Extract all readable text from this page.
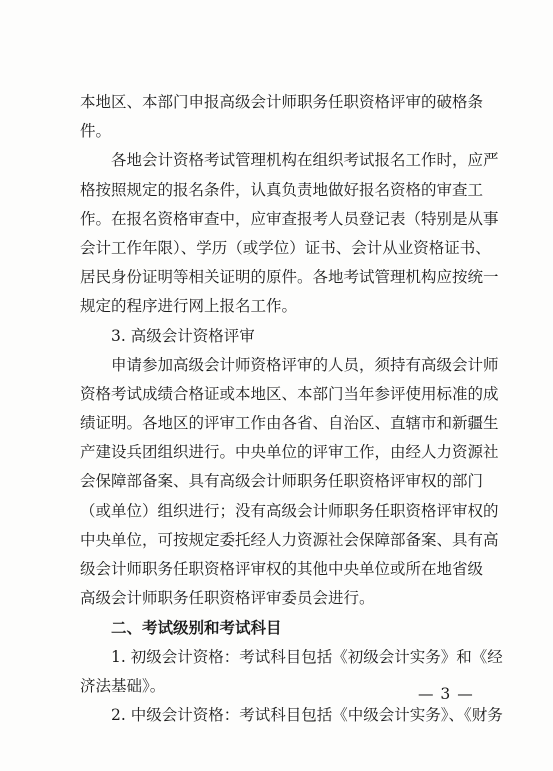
本地区、本部门申报高级会计师职务任职资格评审的破格条
件。
各地会计资格考试管理机构在组织考试报名工作时，应严
格按照规定的报名条件，认真负责地做好报名资格的审查工
作。在报名资格审查中，应审查报考人员登记表（特别是从事
会计工作年限）、学历（或学位）证书、会计从业资格证书、
居民身份证明等相关证明的原件。各地考试管理机构应按统一
规定的程序进行网上报名工作。
3. 高级会计资格评审
申请参加高级会计师资格评审的人员，须持有高级会计师
资格考试成绩合格证或本地区、本部门当年参评使用标准的成
绩证明。各地区的评审工作由各省、自治区、直辖市和新疆生
产建设兵团组织进行。中央单位的评审工作，由经人力资源社
会保障部备案、具有高级会计师职务任职资格评审权的部门
（或单位）组织进行；没有高级会计师职务任职资格评审权的
中央单位，可按规定委托经人力资源社会保障部备案、具有高
级会计师职务任职资格评审权的其他中央单位或所在地省级
高级会计师职务任职资格评审委员会进行。
二、考试级别和考试科目
1. 初级会计资格：考试科目包括《初级会计实务》和《经
济法基础》。
2. 中级会计资格：考试科目包括《中级会计实务》、《财务
— 3 —
